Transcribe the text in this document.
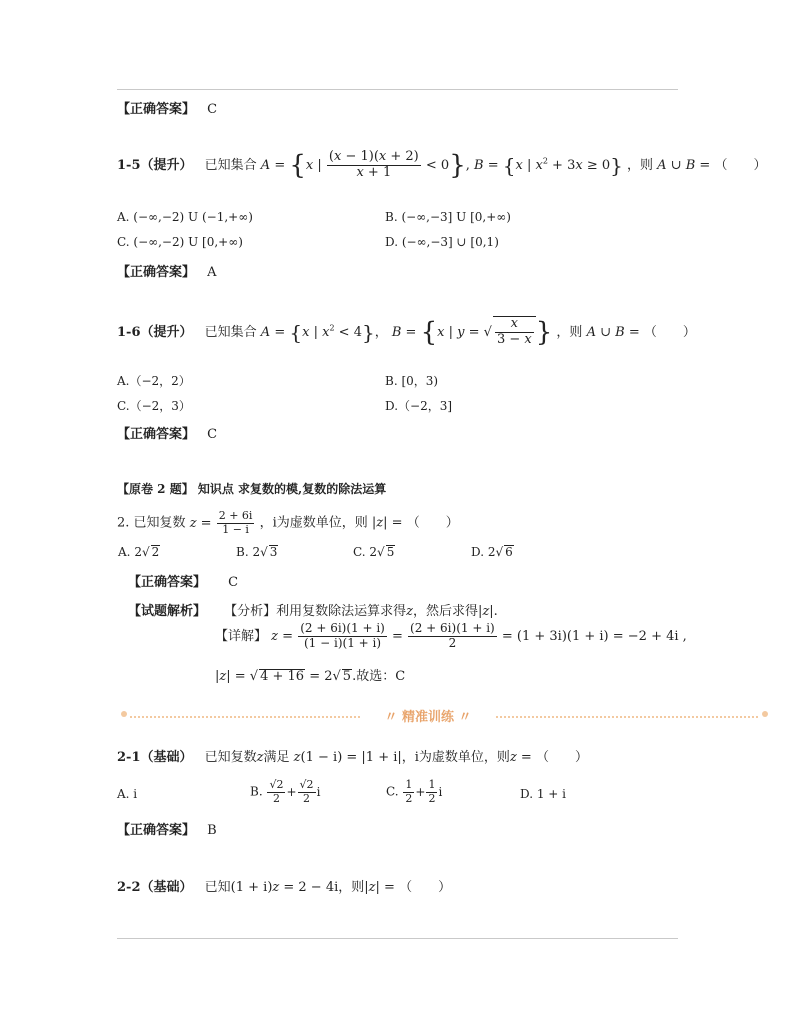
【正确答案】 C
1-5（提升） 已知集合 A = {x | $\frac{(x - 1)(x + 2)}{x + 1} < 0$}, B = {x | $x^2 + 3x \ge 0$} ，则 A ∪ B = （　　）
A. (−∞,−2) U (−1,+∞)	B. (−∞,−3] U [0,+∞)
C. (−∞,−2) U [0,+∞)	D. (−∞,−3] ∪ [0,1)
【正确答案】 A
1-6（提升） 已知集合 A = {x | $x^2 < 4$}， B = {x | y = √ $\frac{x}{3 - x}$ } ，则 A ∪ B = （　　）
A.（−2，2）	B. [0，3)
C.（−2，3）	D.（−2，3]
【正确答案】 C
【原卷 2 题】 知识点 求复数的模,复数的除法运算
2. 已知复数 $z = \frac{2 + 6i}{1 - i}$ ，i为虚数单位，则 |z| = （　　）
A. 2√ 2	B. 2√ 3	C. 2√ 5	D. 2√ 6
【正确答案】 C
【试题解析】 【分析】利用复数除法运算求得z，然后求得|z|.
【详解】 $z = \frac{(2 + 6i)(1 + i)}{(1 - i)(1 + i)} = \frac{(2 + 6i)(1 + i)}{2} = (1 + 3i)(1 + i) = -2 + 4i$ ,
|z| = √ 4 + 16 = 2√ 5.故选：C
〃 精准训练 〃
2-1（基础） 已知复数z满足 z(1 − i) = |1 + i|，i为虚数单位，则z = （　　）
A. i	B. $\frac{√2}{2} + \frac{√2}{2}$ i	C. $\frac{1}{2} + \frac{1}{2}$ i	D. 1 + i
【正确答案】 B
2-2（基础） 已知(1 + i)z = 2 − 4i，则|z| = （　　）
